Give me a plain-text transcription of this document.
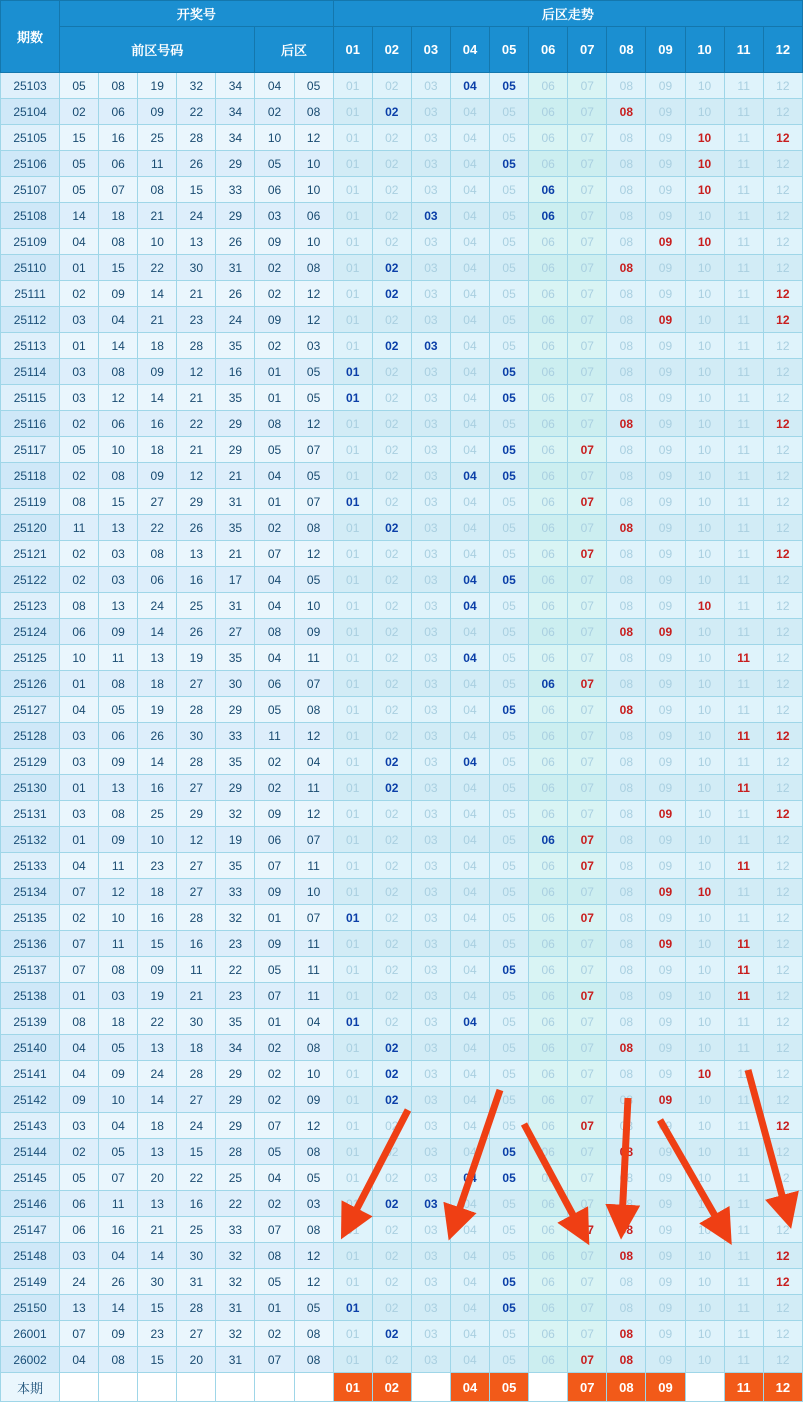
期数	开奖号							后区走势											
	前区号码					后区		01	02	03	04	05	06	07	08	09	10	11	12
25103	05	08	19	32	34	04	05	01	02	03	04	05	06	07	08	09	10	11	12
25104	02	06	09	22	34	02	08	01	02	03	04	05	06	07	08	09	10	11	12
25105	15	16	25	28	34	10	12	01	02	03	04	05	06	07	08	09	10	11	12
25106	05	06	11	26	29	05	10	01	02	03	04	05	06	07	08	09	10	11	12
25107	05	07	08	15	33	06	10	01	02	03	04	05	06	07	08	09	10	11	12
25108	14	18	21	24	29	03	06	01	02	03	04	05	06	07	08	09	10	11	12
25109	04	08	10	13	26	09	10	01	02	03	04	05	06	07	08	09	10	11	12
25110	01	15	22	30	31	02	08	01	02	03	04	05	06	07	08	09	10	11	12
25111	02	09	14	21	26	02	12	01	02	03	04	05	06	07	08	09	10	11	12
25112	03	04	21	23	24	09	12	01	02	03	04	05	06	07	08	09	10	11	12
25113	01	14	18	28	35	02	03	01	02	03	04	05	06	07	08	09	10	11	12
25114	03	08	09	12	16	01	05	01	02	03	04	05	06	07	08	09	10	11	12
25115	03	12	14	21	35	01	05	01	02	03	04	05	06	07	08	09	10	11	12
25116	02	06	16	22	29	08	12	01	02	03	04	05	06	07	08	09	10	11	12
25117	05	10	18	21	29	05	07	01	02	03	04	05	06	07	08	09	10	11	12
25118	02	08	09	12	21	04	05	01	02	03	04	05	06	07	08	09	10	11	12
25119	08	15	27	29	31	01	07	01	02	03	04	05	06	07	08	09	10	11	12
25120	11	13	22	26	35	02	08	01	02	03	04	05	06	07	08	09	10	11	12
25121	02	03	08	13	21	07	12	01	02	03	04	05	06	07	08	09	10	11	12
25122	02	03	06	16	17	04	05	01	02	03	04	05	06	07	08	09	10	11	12
25123	08	13	24	25	31	04	10	01	02	03	04	05	06	07	08	09	10	11	12
25124	06	09	14	26	27	08	09	01	02	03	04	05	06	07	08	09	10	11	12
25125	10	11	13	19	35	04	11	01	02	03	04	05	06	07	08	09	10	11	12
25126	01	08	18	27	30	06	07	01	02	03	04	05	06	07	08	09	10	11	12
25127	04	05	19	28	29	05	08	01	02	03	04	05	06	07	08	09	10	11	12
25128	03	06	26	30	33	11	12	01	02	03	04	05	06	07	08	09	10	11	12
25129	03	09	14	28	35	02	04	01	02	03	04	05	06	07	08	09	10	11	12
25130	01	13	16	27	29	02	11	01	02	03	04	05	06	07	08	09	10	11	12
25131	03	08	25	29	32	09	12	01	02	03	04	05	06	07	08	09	10	11	12
25132	01	09	10	12	19	06	07	01	02	03	04	05	06	07	08	09	10	11	12
25133	04	11	23	27	35	07	11	01	02	03	04	05	06	07	08	09	10	11	12
25134	07	12	18	27	33	09	10	01	02	03	04	05	06	07	08	09	10	11	12
25135	02	10	16	28	32	01	07	01	02	03	04	05	06	07	08	09	10	11	12
25136	07	11	15	16	23	09	11	01	02	03	04	05	06	07	08	09	10	11	12
25137	07	08	09	11	22	05	11	01	02	03	04	05	06	07	08	09	10	11	12
25138	01	03	19	21	23	07	11	01	02	03	04	05	06	07	08	09	10	11	12
25139	08	18	22	30	35	01	04	01	02	03	04	05	06	07	08	09	10	11	12
25140	04	05	13	18	34	02	08	01	02	03	04	05	06	07	08	09	10	11	12
25141	04	09	24	28	29	02	10	01	02	03	04	05	06	07	08	09	10	11	12
25142	09	10	14	27	29	02	09	01	02	03	04	05	06	07	08	09	10	11	12
25143	03	04	18	24	29	07	12	01	02	03	04	05	06	07	08	09	10	11	12
25144	02	05	13	15	28	05	08	01	02	03	04	05	06	07	08	09	10	11	12
25145	05	07	20	22	25	04	05	01	02	03	04	05	06	07	08	09	10	11	12
25146	06	11	13	16	22	02	03	01	02	03	04	05	06	07	08	09	10	11	12
25147	06	16	21	25	33	07	08	01	02	03	04	05	06	07	08	09	10	11	12
25148	03	04	14	30	32	08	12	01	02	03	04	05	06	07	08	09	10	11	12
25149	24	26	30	31	32	05	12	01	02	03	04	05	06	07	08	09	10	11	12
25150	13	14	15	28	31	01	05	01	02	03	04	05	06	07	08	09	10	11	12
26001	07	09	23	27	32	02	08	01	02	03	04	05	06	07	08	09	10	11	12
26002	04	08	15	20	31	07	08	01	02	03	04	05	06	07	08	09	10	11	12
本期								01	02		04	05		07	08	09		11	12
